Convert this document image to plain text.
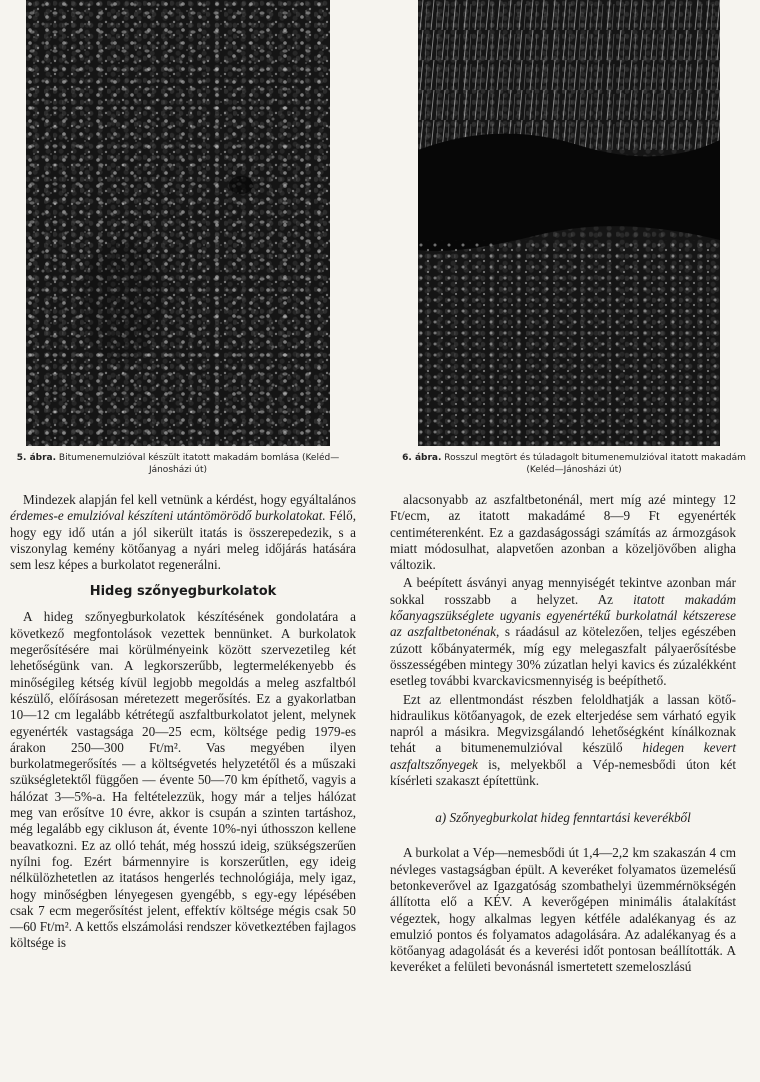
5. ábra. Bitumenemulzióval készült itatott makadám bomlása (Keléd—Jánosházi út)
6. ábra. Rosszul megtört és túladagolt bitumenemulzióval itatott makadám (Keléd—Jánosházi út)

Mindezek alapján fel kell vetnünk a kérdést, hogy egyáltalános érdemes-e emulzióval készíteni utántömörödő burkolatokat. Félő, hogy egy idő után a jól sikerült itatás is összerepedezik, s a viszonylag kemény kötőanyag a nyári meleg időjárás hatására sem lesz képes a burkolatot regenerálni.

Hideg szőnyegburkolatok

A hideg szőnyegburkolatok készítésének gondolatára a következő megfontolások vezettek bennünket. A burkolatok megerősítésére mai körülményeink között szervezetileg két lehetőségünk van. A legkorszerűbb, legtermelékenyebb és minőségileg kétség kívül legjobb megoldás a meleg aszfaltból készülő, előírásosan méretezett megerősítés. Ez a gyakorlatban 10—12 cm legalább kétrétegű aszfaltburkolatot jelent, melynek egyenérték vastagsága 20—25 ecm, költsége pedig 1979-es árakon 250—300 Ft/m². Vas megyében ilyen burkolatmegerősítés — a költségvetés helyzetétől és a műszaki szükségletektől függően — évente 50—70 km építhető, vagyis a hálózat 3—5%-a. Ha feltételezzük, hogy már a teljes hálózat meg van erősítve 10 évre, akkor is csupán a szinten tartáshoz, még legalább egy cikluson át, évente 10%-nyi úthosszon kellene beavatkozni. Ez az olló tehát, még hosszú ideig, szükségszerűen nyílni fog. Ezért bármennyire is korszerűtlen, egy ideig nélkülözhetetlen az itatásos hengerlés technológiája, mely igaz, hogy minőségben lényegesen gyengébb, s egy-egy lépésében csak 7 ecm megerősítést jelent, effektív költsége mégis csak 50—60 Ft/m². A kettős elszámolási rendszer következtében fajlagos költsége is

alacsonyabb az aszfaltbetonénál, mert míg azé mintegy 12 Ft/ecm, az itatott makadámé 8—9 Ft egyenérték centiméterenként. Ez a gazdaságossági számítás az ármozgások miatt módosulhat, alapvetően azonban a közeljövőben aligha változik.

A beépített ásványi anyag mennyiségét tekintve azonban már sokkal rosszabb a helyzet. Az itatott makadám kőanyagszükséglete ugyanis egyenértékű burkolatnál kétszerese az aszfaltbetonénak, s ráadásul az kötelezően, teljes egészében zúzott kőbányatermék, míg egy melegaszfalt pályaerősítésbe összességében mintegy 30% zúzatlan helyi kavics és zúzalékként esetleg további kvarckavicsmennyiség is beépíthető.

Ezt az ellentmondást részben feloldhatják a lassan kötő-hidraulikus kötőanyagok, de ezek elterjedése sem várható egyik napról a másikra. Megvizsgálandó lehetőségként kínálkoznak tehát a bitumenemulzióval készülő hidegen kevert aszfaltszőnyegek is, melyekből a Vép-nemesbődi úton két kísérleti szakaszt építettünk.

a) Szőnyegburkolat hideg fenntartási keverékből

A burkolat a Vép—nemesbődi út 1,4—2,2 km szakaszán 4 cm névleges vastagságban épült. A keveréket folyamatos üzemelésű betonkeverővel az Igazgatóság szombathelyi üzemmérnökségén állította elő a KÉV. A keverőgépen minimális átalakítást végeztek, hogy alkalmas legyen kétféle adalékanyag és az emulzió pontos és folyamatos adagolására. Az adalékanyag és a kötőanyag adagolását és a keverési időt pontosan beállították. A keveréket a felületi bevonásnál ismertetett szemeloszlású
